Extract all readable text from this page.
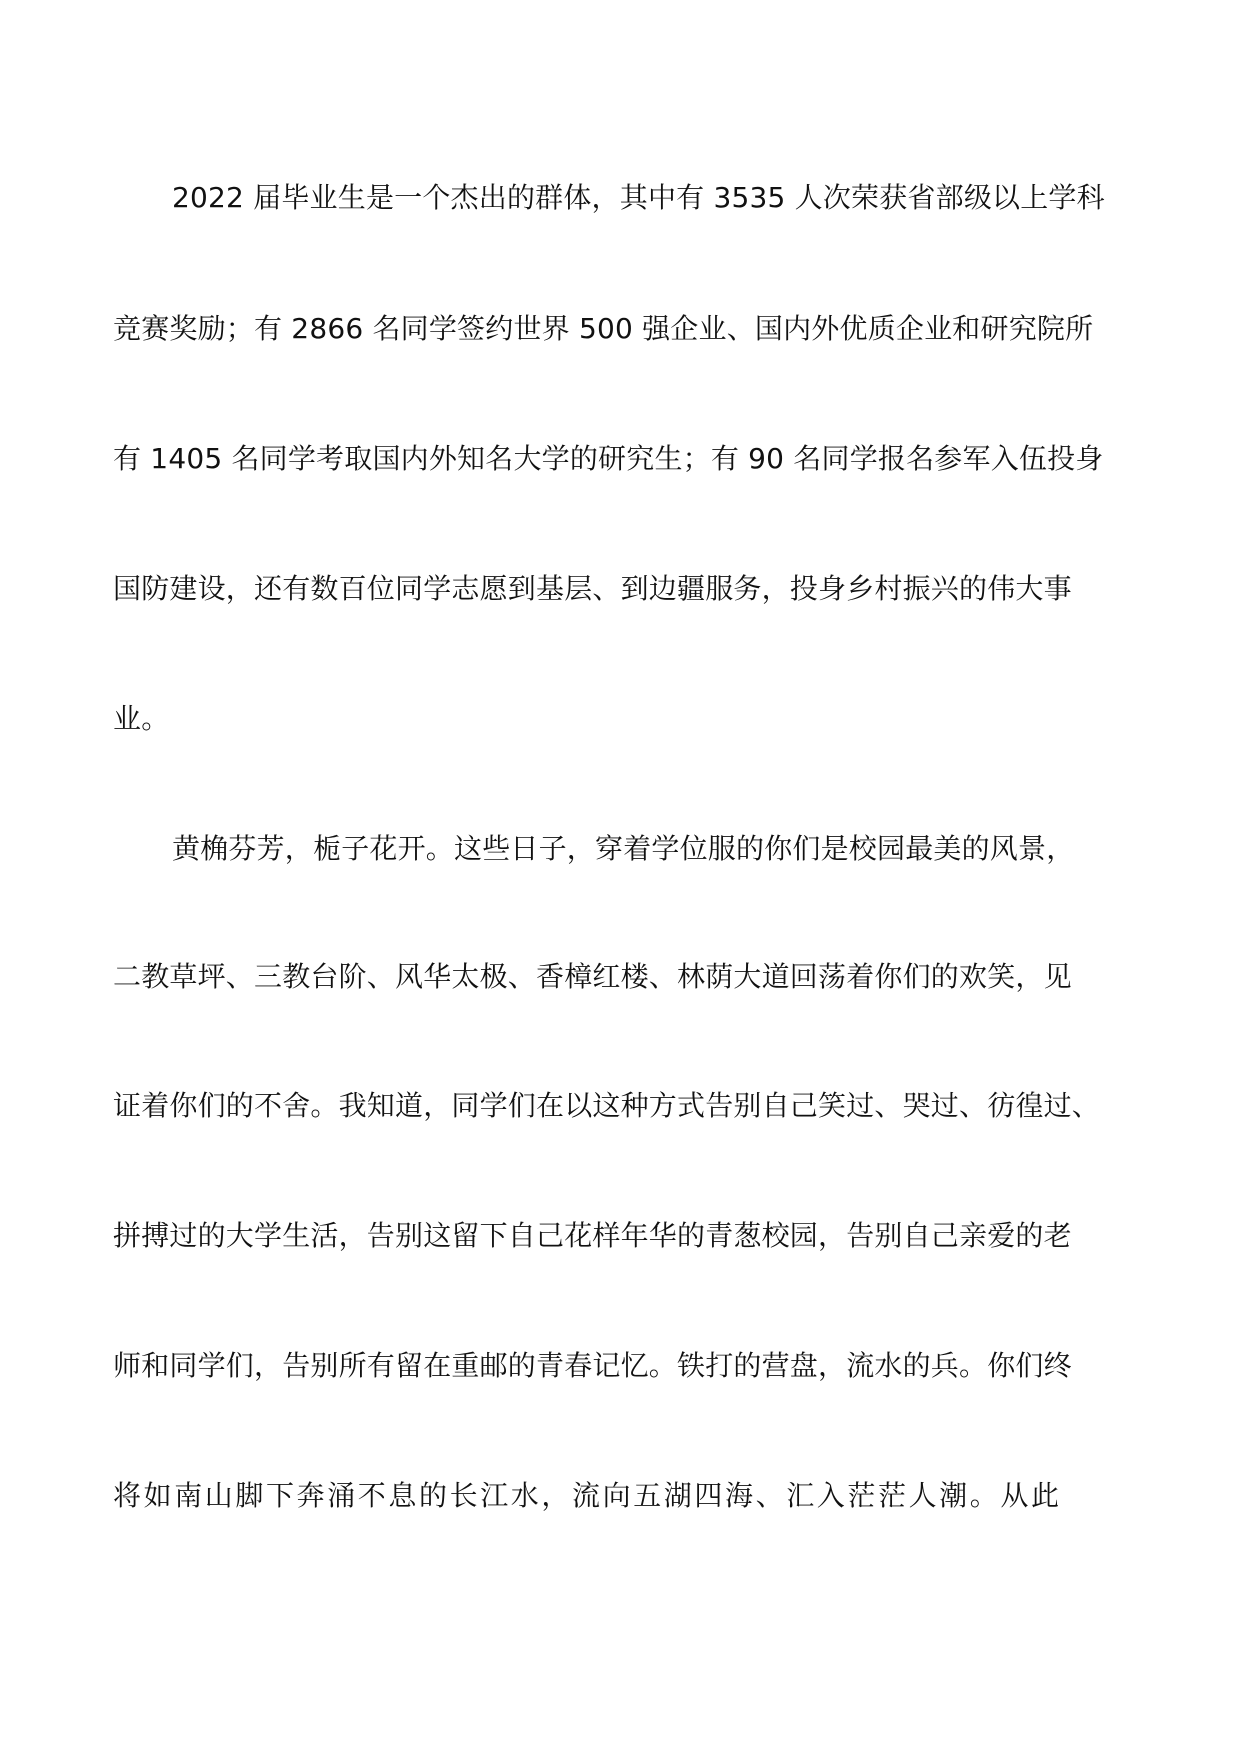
2022 届毕业生是一个杰出的群体，其中有 3535 人次荣获省部级以上学科
竞赛奖励；有 2866 名同学签约世界 500 强企业、国内外优质企业和研究院所
有 1405 名同学考取国内外知名大学的研究生；有 90 名同学报名参军入伍投身
国防建设，还有数百位同学志愿到基层、到边疆服务，投身乡村振兴的伟大事
业。
黄桷芬芳，栀子花开。这些日子，穿着学位服的你们是校园最美的风景，
二教草坪、三教台阶、风华太极、香樟红楼、林荫大道回荡着你们的欢笑，见
证着你们的不舍。我知道，同学们在以这种方式告别自己笑过、哭过、彷徨过、
拼搏过的大学生活，告别这留下自己花样年华的青葱校园，告别自己亲爱的老
师和同学们，告别所有留在重邮的青春记忆。铁打的营盘，流水的兵。你们终
将如南山脚下奔涌不息的长江水，流向五湖四海、汇入茫茫人潮。从此
